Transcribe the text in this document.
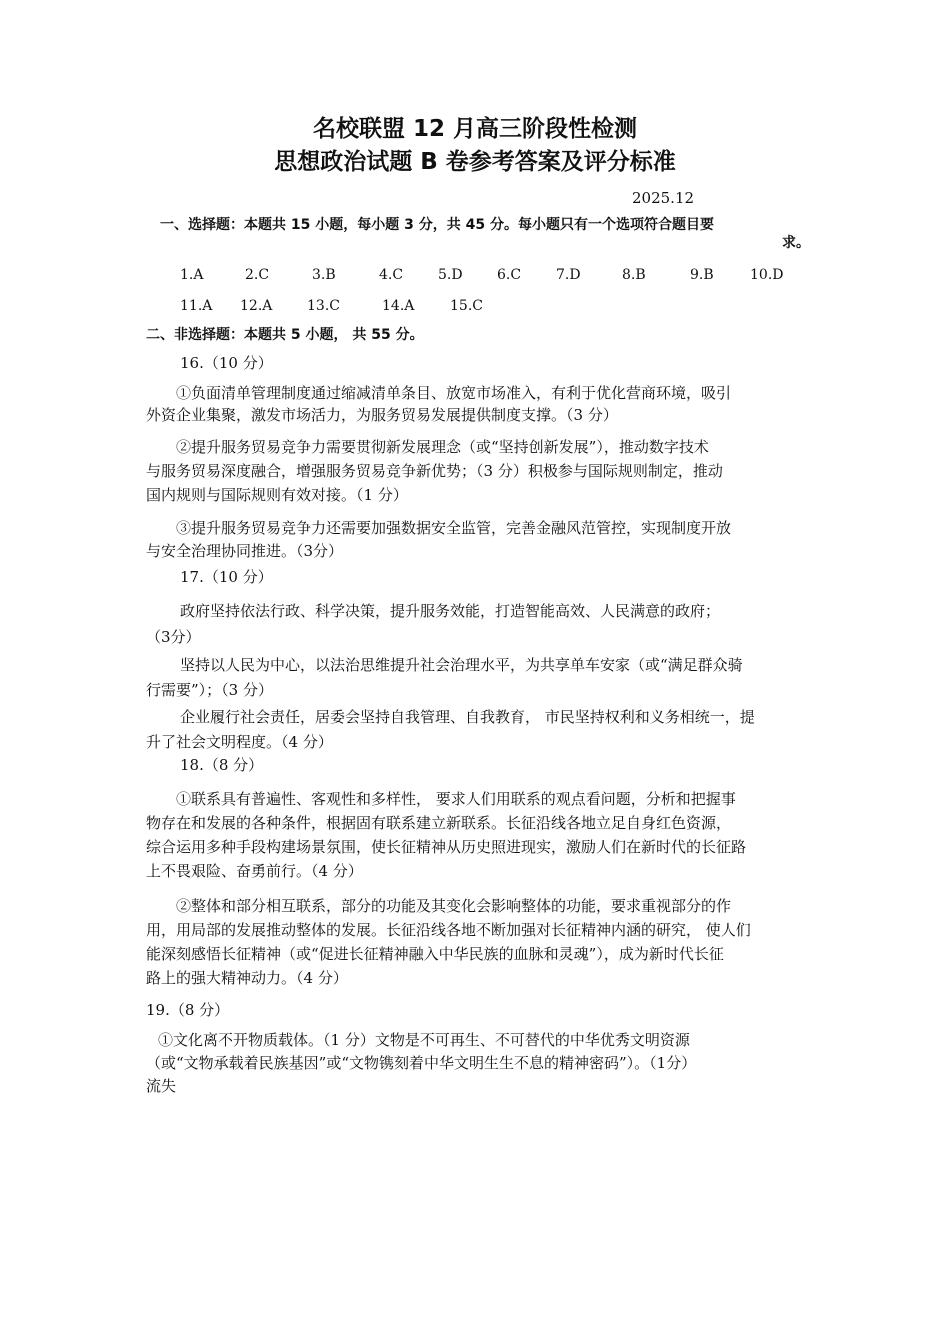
名校联盟 12 月高三阶段性检测
思想政治试题 B 卷参考答案及评分标准
2025.12
一、选择题：本题共 15 小题，每小题 3 分，共 45 分。每小题只有一个选项符合题目要
求。
1.A	2.C	3.B	4.C 5.D 6.C 7.D	8.B	9.B	10.D
11.A 12.A 13.C	14.A	15.C
二、非选择题：本题共 5 小题， 共 55 分。
16.（10 分）
①负面清单管理制度通过缩减清单条目、放宽市场准入，有利于优化营商环境，吸引
外资企业集聚，激发市场活力，为服务贸易发展提供制度支撑。（3 分）
②提升服务贸易竞争力需要贯彻新发展理念（或“坚持创新发展”），推动数字技术
与服务贸易深度融合，增强服务贸易竞争新优势；（3 分）积极参与国际规则制定，推动
国内规则与国际规则有效对接。（1 分）
③提升服务贸易竞争力还需要加强数据安全监管，完善金融风范管控，实现制度开放
与安全治理协同推进。（3分）
17.（10 分）
政府坚持依法行政、科学决策，提升服务效能，打造智能高效、人民满意的政府；
（3分）
坚持以人民为中心，以法治思维提升社会治理水平，为共享单车安家（或“满足群众骑
行需要”）；（3 分）
企业履行社会责任，居委会坚持自我管理、自我教育， 市民坚持权利和义务相统一，提
升了社会文明程度。（4 分）
18.（8 分）
①联系具有普遍性、客观性和多样性， 要求人们用联系的观点看问题，分析和把握事
物存在和发展的各种条件，根据固有联系建立新联系。长征沿线各地立足自身红色资源，
综合运用多种手段构建场景氛围，使长征精神从历史照进现实，激励人们在新时代的长征路
上不畏艰险、奋勇前行。（4 分）
②整体和部分相互联系，部分的功能及其变化会影响整体的功能，要求重视部分的作
用，用局部的发展推动整体的发展。长征沿线各地不断加强对长征精神内涵的研究， 使人们
能深刻感悟长征精神（或“促进长征精神融入中华民族的血脉和灵魂”），成为新时代长征
路上的强大精神动力。（4 分）
19.（8 分）
①文化离不开物质载体。（1 分）文物是不可再生、不可替代的中华优秀文明资源
（或“文物承载着民族基因”或“文物镌刻着中华文明生生不息的精神密码”）。（1分）
流失
